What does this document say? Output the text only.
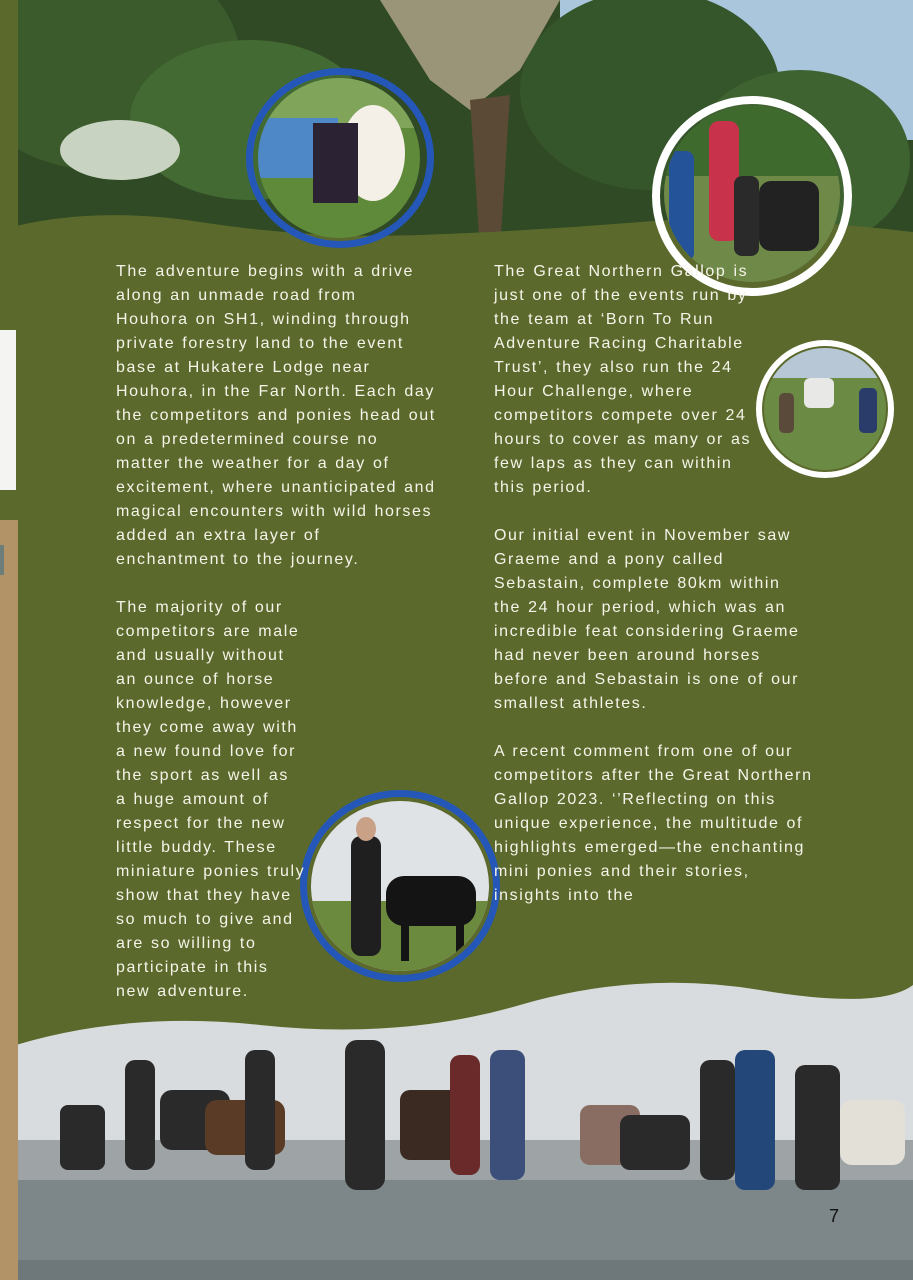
The adventure begins with a drive along an unmade road from Houhora on SH1, winding through private forestry land to the event base at Hukatere Lodge near Houhora, in the Far North. Each day the competitors and ponies head out on a predetermined course no matter the weather for a day of excitement, where unanticipated and magical encounters with wild horses added an extra layer of enchantment to the journey.

The majority of our competitors are male and usually without an ounce of horse knowledge, however they come away with a new found love for the sport as well as a huge amount of respect for the new little buddy. These miniature ponies truly show that they have so much to give and are so willing to participate in this new adventure.

The Great Northern Gallop is just one of the events run by the team at ‘Born To Run Adventure Racing Charitable Trust’, they also run the 24 Hour Challenge, where competitors compete over 24 hours to cover as many or as few laps as they can within this period.

Our initial event in November saw Graeme and a pony called Sebastain, complete 80km within the 24 hour period, which was an incredible feat considering Graeme had never been around horses before and Sebastain is one of our smallest athletes.

A recent comment from one of our competitors after the Great Northern Gallop 2023. ‘’Reflecting on this unique experience, the multitude of highlights emerged—the enchanting mini ponies and their stories, insights into the

7
